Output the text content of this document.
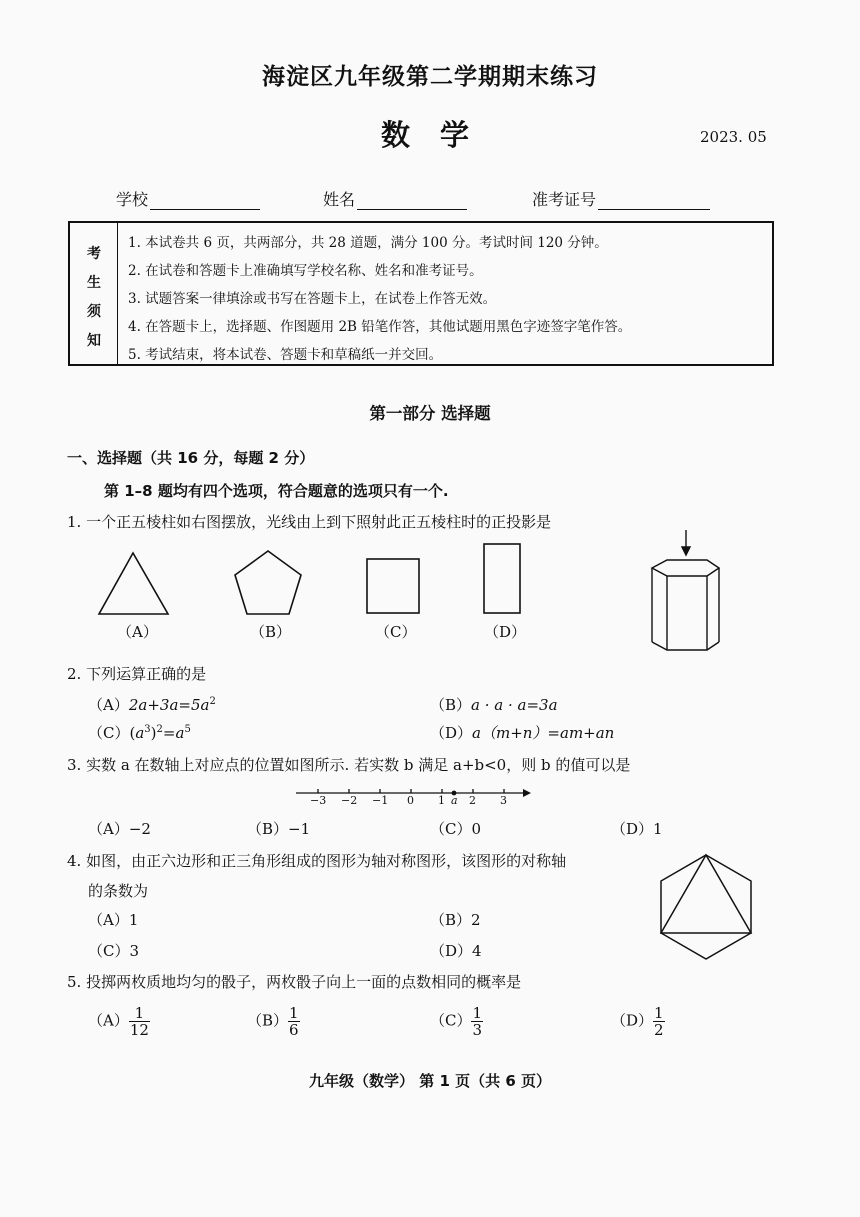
海淀区九年级第二学期期末练习
数 学	2023. 05
学校	姓名	准考证号
考
生
须
知
1. 本试卷共 6 页，共两部分，共 28 道题，满分 100 分。考试时间 120 分钟。
2. 在试卷和答题卡上准确填写学校名称、姓名和准考证号。
3. 试题答案一律填涂或书写在答题卡上，在试卷上作答无效。
4. 在答题卡上，选择题、作图题用 2B 铅笔作答，其他试题用黑色字迹签字笔作答。
5. 考试结束，将本试卷、答题卡和草稿纸一并交回。
第一部分 选择题
一、选择题（共 16 分，每题 2 分）
第 1–8 题均有四个选项，符合题意的选项只有一个.
1. 一个正五棱柱如右图摆放，光线由上到下照射此正五棱柱时的正投影是
（A）	（B）	（C）	（D）
2. 下列运算正确的是
$(A)2a+3a=5a^2$	（B）a · a · a=3a
$(C)(a^3)^2=a^5$	（D）a（m+n）=am+an
3. 实数 a 在数轴上对应点的位置如图所示. 若实数 b 满足 a+b<0，则 b 的值可以是
−3 −2 −1 0 1 a 2 3
（A）−2	（B）−1	（C）0	（D）1
4. 如图，由正六边形和正三角形组成的图形为轴对称图形，该图形的对称轴
的条数为
（A）1	（B）2
（C）3	（D）4
5. 投掷两枚质地均匀的骰子，两枚骰子向上一面的点数相同的概率是
$(A) \frac{1}{12}$	$(B) \frac{1}{6}$	$(C) \frac{1}{3}$	$(D) \frac{1}{2}$
九年级（数学） 第 1 页（共 6 页）
